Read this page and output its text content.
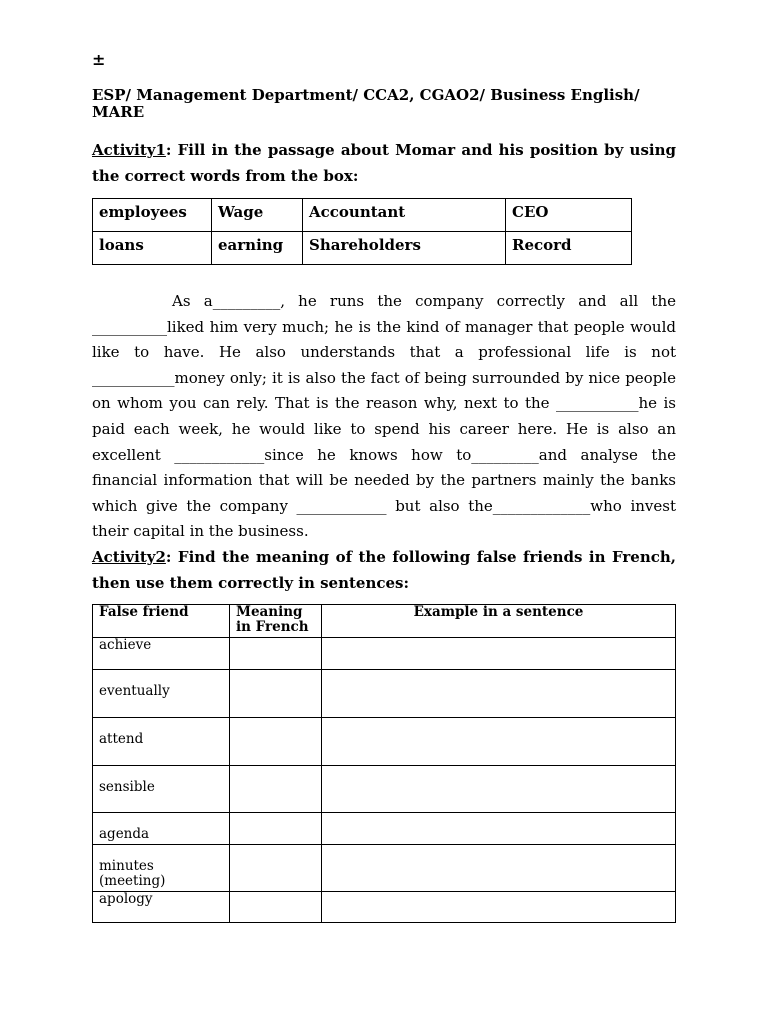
±
ESP/ Management Department/ CCA2, CGAO2/ Business English/ MARE
Activity1: Fill in the passage about Momar and his position by using the correct words from the box:
employees	Wage	Accountant	CEO
loans	earning	Shareholders	Record

As a_________, he runs the company correctly and all the __________liked him very much; he is the kind of manager that people would like to have. He also understands that a professional life is not ___________money only; it is also the fact of being surrounded by nice people on whom you can rely. That is the reason why, next to the ___________he is paid each week, he would like to spend his career here. He is also an excellent ____________since he knows how to_________and analyse the financial information that will be needed by the partners mainly the banks which give the company ____________ but also the_____________who invest their capital in the business.

Activity2: Find the meaning of the following false friends in French, then use them correctly in sentences:
False friend	Meaning in French	Example in a sentence
achieve		
eventually		
attend		
sensible		
agenda		
minutes (meeting)		
apology		
